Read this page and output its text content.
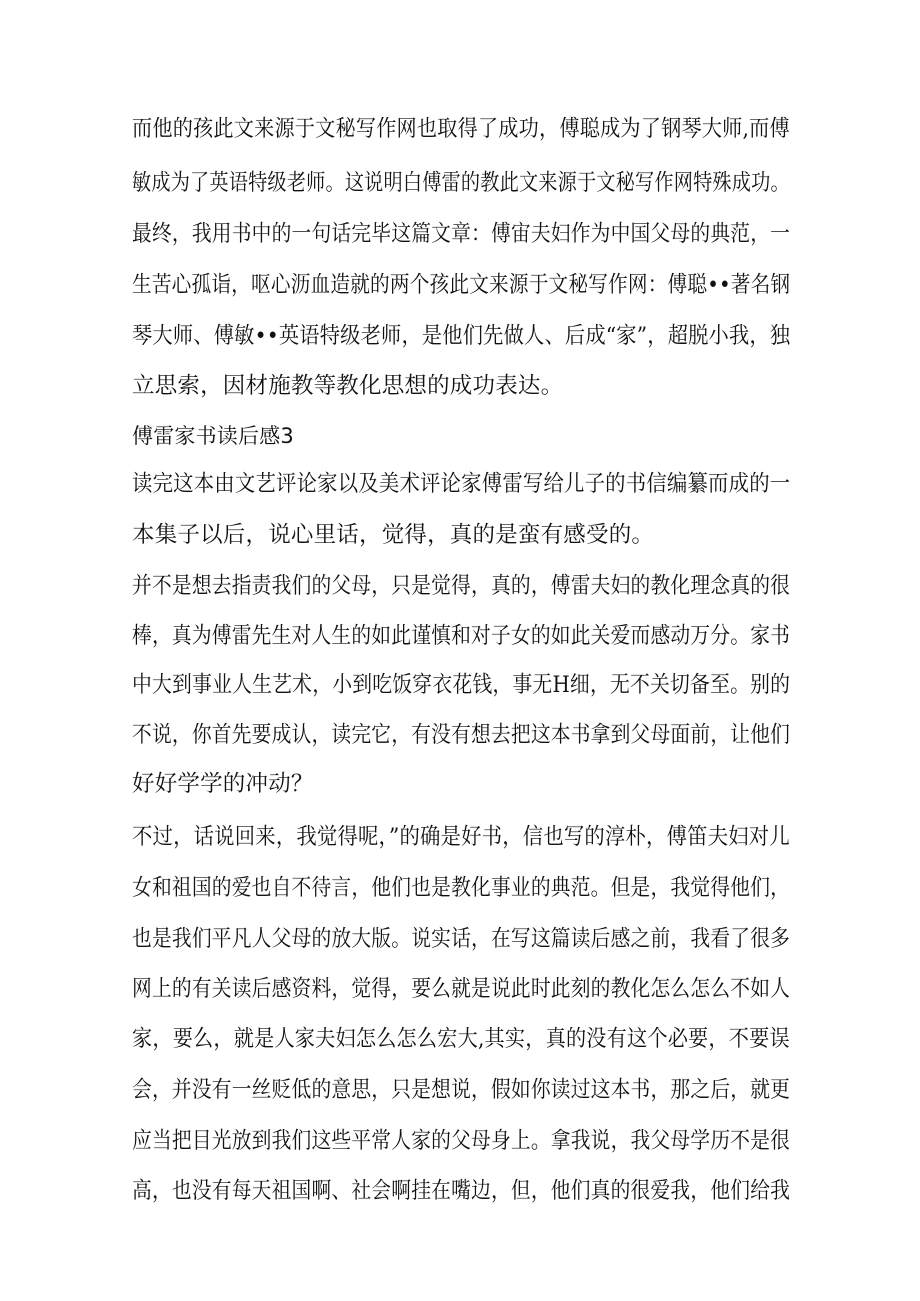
而他的孩此文来源于文秘写作网也取得了成功，傅聪成为了钢琴大师,而傅
敏成为了英语特级老师。这说明白傅雷的教此文来源于文秘写作网特殊成功。
最终，我用书中的一句话完毕这篇文章：傅宙夫妇作为中国父母的典范，一
生苦心孤诣，呕心沥血造就的两个孩此文来源于文秘写作网：傅聪••著名钢
琴大师、傅敏••英语特级老师，是他们先做人、后成“家”，超脱小我，独
立思索，因材施教等教化思想的成功表达。
傅雷家书读后感3
读完这本由文艺评论家以及美术评论家傅雷写给儿子的书信编纂而成的一
本集子以后，说心里话，觉得，真的是蛮有感受的。
并不是想去指责我们的父母，只是觉得，真的，傅雷夫妇的教化理念真的很
棒，真为傅雷先生对人生的如此谨慎和对子女的如此关爱而感动万分。家书
中大到事业人生艺术，小到吃饭穿衣花钱，事无H细，无不关切备至。别的
不说，你首先要成认，读完它，有没有想去把这本书拿到父母面前，让他们
好好学学的冲动？
不过，话说回来，我觉得呢，”的确是好书，信也写的淳朴，傅笛夫妇对儿
女和祖国的爱也自不待言，他们也是教化事业的典范。但是，我觉得他们，
也是我们平凡人父母的放大版。说实话，在写这篇读后感之前，我看了很多
网上的有关读后感资料，觉得，要么就是说此时此刻的教化怎么怎么不如人
家，要么，就是人家夫妇怎么怎么宏大,其实，真的没有这个必要，不要误
会，并没有一丝贬低的意思，只是想说，假如你读过这本书，那之后，就更
应当把目光放到我们这些平常人家的父母身上。拿我说，我父母学历不是很
高，也没有每天祖国啊、社会啊挂在嘴边，但，他们真的很爱我，他们给我
